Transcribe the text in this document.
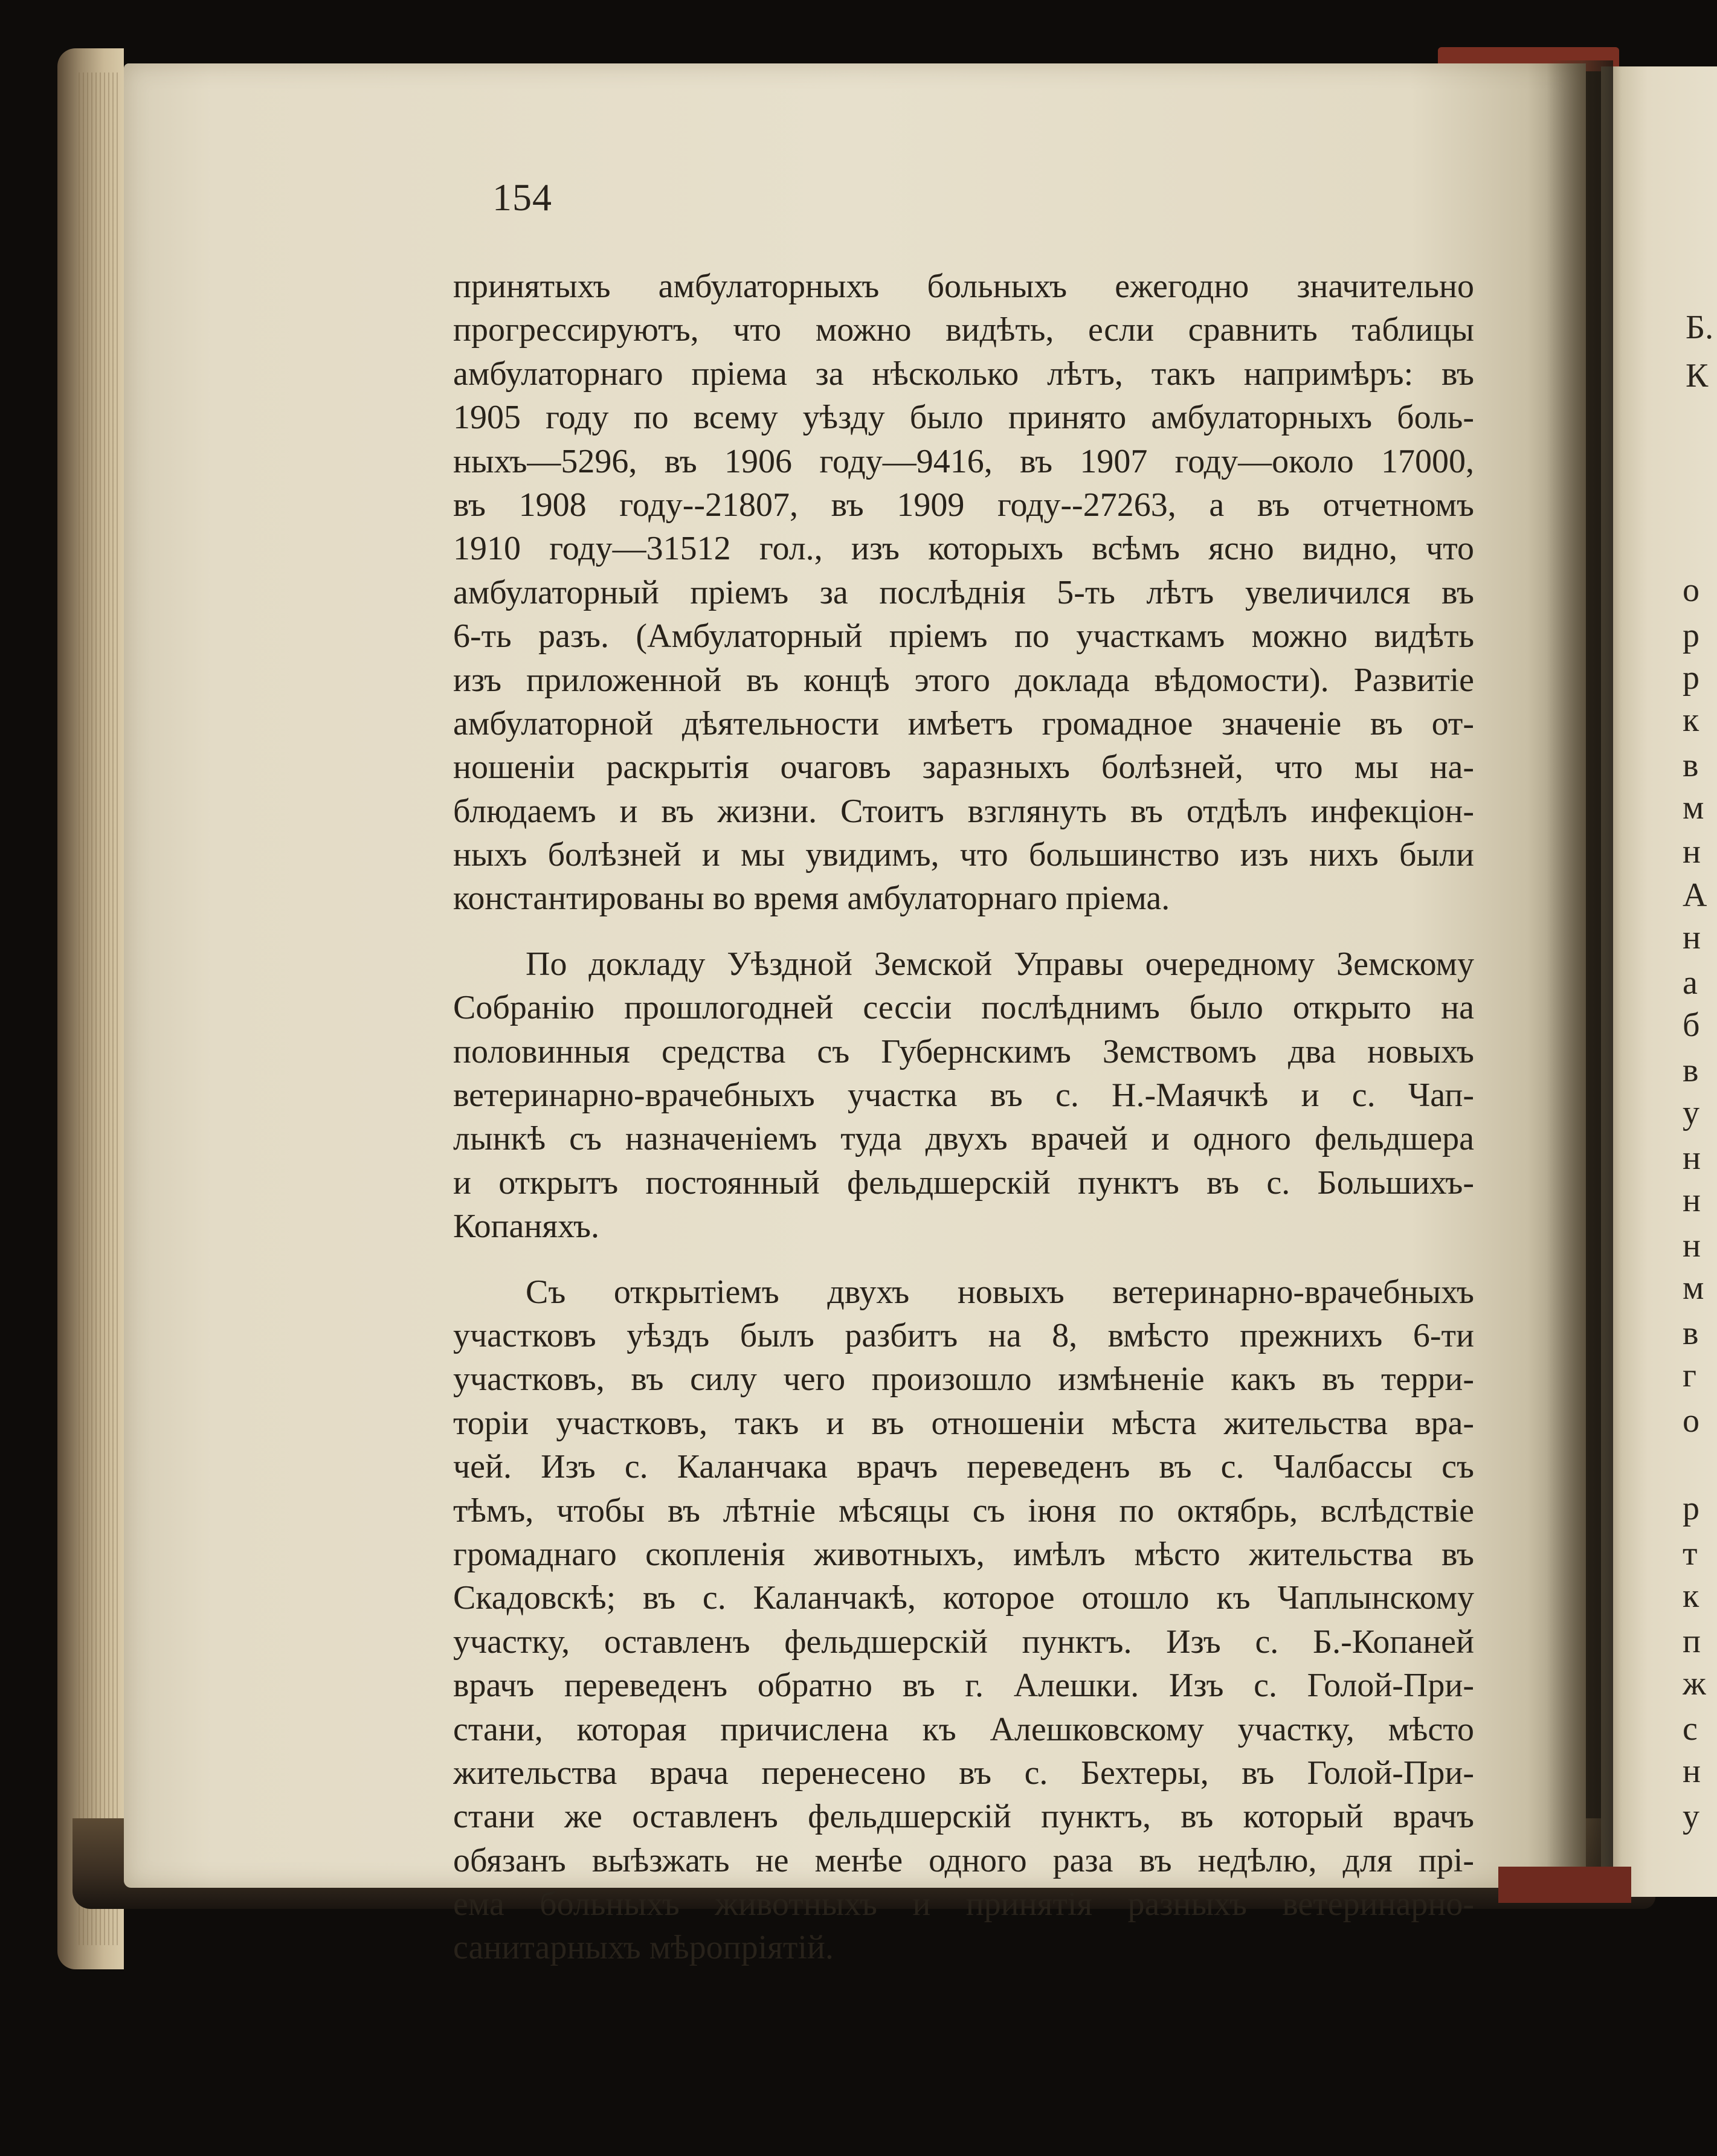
154
принятыхъ амбулаторныхъ больныхъ ежегодно значительно
прогрессируютъ, что можно видѣть, если сравнить таблицы
амбулаторнаго пріема за нѣсколько лѣтъ, такъ напримѣръ: въ
1905 году по всему уѣзду было принято амбулаторныхъ боль-
ныхъ—5296, въ 1906 году—9416, въ 1907 году—около 17000,
въ 1908 году--21807, въ 1909 году--27263, а въ отчетномъ
1910 году—31512 гол., изъ которыхъ всѣмъ ясно видно, что
амбулаторный пріемъ за послѣднія 5-ть лѣтъ увеличился въ
6-ть разъ. (Амбулаторный пріемъ по участкамъ можно видѣть
изъ приложенной въ концѣ этого доклада вѣдомости). Развитіе
амбулаторной дѣятельности имѣетъ громадное значеніе въ от-
ношеніи раскрытія очаговъ заразныхъ болѣзней, что мы на-
блюдаемъ и въ жизни. Стоитъ взглянуть въ отдѣлъ инфекціон-
ныхъ болѣзней и мы увидимъ, что большинство изъ нихъ были
константированы во время амбулаторнаго пріема.
По докладу Уѣздной Земской Управы очередному Земскому
Собранію прошлогодней сессіи послѣднимъ было открыто на
половинныя средства съ Губернскимъ Земствомъ два новыхъ
ветеринарно-врачебныхъ участка въ с. Н.-Маячкѣ и с. Чап-
лынкѣ съ назначеніемъ туда двухъ врачей и одного фельдшера
и открытъ постоянный фельдшерскій пунктъ въ с. Большихъ-
Копаняхъ.
Съ открытіемъ двухъ новыхъ ветеринарно-врачебныхъ
участковъ уѣздъ былъ разбитъ на 8, вмѣсто прежнихъ 6-ти
участковъ, въ силу чего произошло измѣненіе какъ въ терри-
торіи участковъ, такъ и въ отношеніи мѣста жительства вра-
чей. Изъ с. Каланчака врачъ переведенъ въ с. Чалбассы съ
тѣмъ, чтобы въ лѣтніе мѣсяцы съ іюня по октябрь, вслѣдствіе
громаднаго скопленія животныхъ, имѣлъ мѣсто жительства въ
Скадовскѣ; въ с. Каланчакѣ, которое отошло къ Чаплынскому
участку, оставленъ фельдшерскій пунктъ. Изъ с. Б.-Копаней
врачъ переведенъ обратно въ г. Алешки. Изъ с. Голой-При-
стани, которая причислена къ Алешковскому участку, мѣсто
жительства врача перенесено въ с. Бехтеры, въ Голой-При-
стани же оставленъ фельдшерскій пунктъ, въ который врачъ
обязанъ выѣзжать не менѣе одного раза въ недѣлю, для прі-
ема больныхъ животныхъ и принятія разныхъ ветеринарно-
санитарныхъ мѣропріятій.
Б.
К
о
р
р
к
в
м
н
А
н
а
б
в
у
н
н
н
м
в
г
о
р
т
к
п
ж
с
н
у
